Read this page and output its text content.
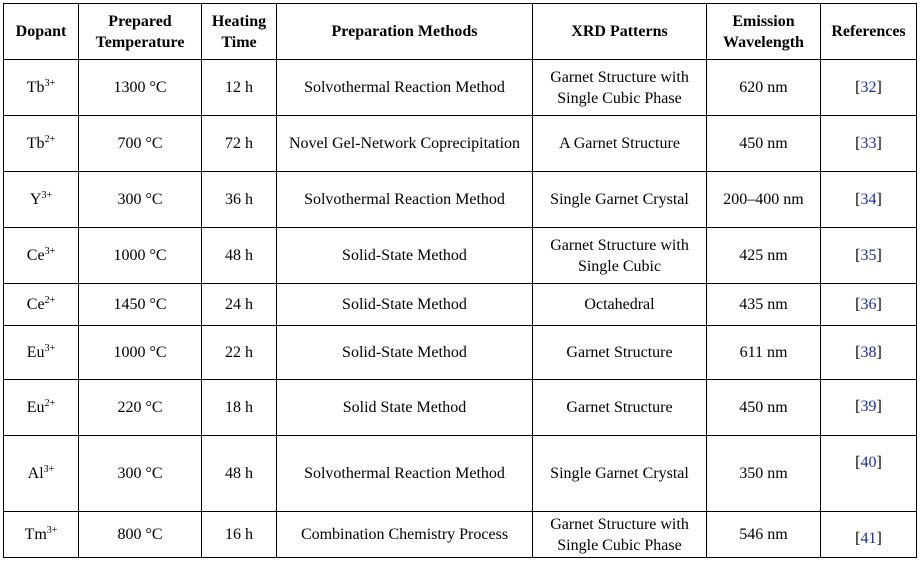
Dopant	Prepared Temperature	Heating Time	Preparation Methods	XRD Patterns	Emission Wavelength	References
$Tb^{3+}$	1300 °C	12 h	Solvothermal Reaction Method	Garnet Structure with Single Cubic Phase	620 nm	[32]
$Tb^{2+}$	700 °C	72 h	Novel Gel-Network Coprecipitation	A Garnet Structure	450 nm	[33]
$Y^{3+}$	300 °C	36 h	Solvothermal Reaction Method	Single Garnet Crystal	200–400 nm	[34]
$Ce^{3+}$	1000 °C	48 h	Solid-State Method	Garnet Structure with Single Cubic	425 nm	[35]
$Ce^{2+}$	1450 °C	24 h	Solid-State Method	Octahedral	435 nm	[36]
$Eu^{3+}$	1000 °C	22 h	Solid-State Method	Garnet Structure	611 nm	[38]
$Eu^{2+}$	220 °C	18 h	Solid State Method	Garnet Structure	450 nm	[39]
$Al^{3+}$	300 °C	48 h	Solvothermal Reaction Method	Single Garnet Crystal	350 nm	[40]
$Tm^{3+}$	800 °C	16 h	Combination Chemistry Process	Garnet Structure with Single Cubic Phase	546 nm	[41]
